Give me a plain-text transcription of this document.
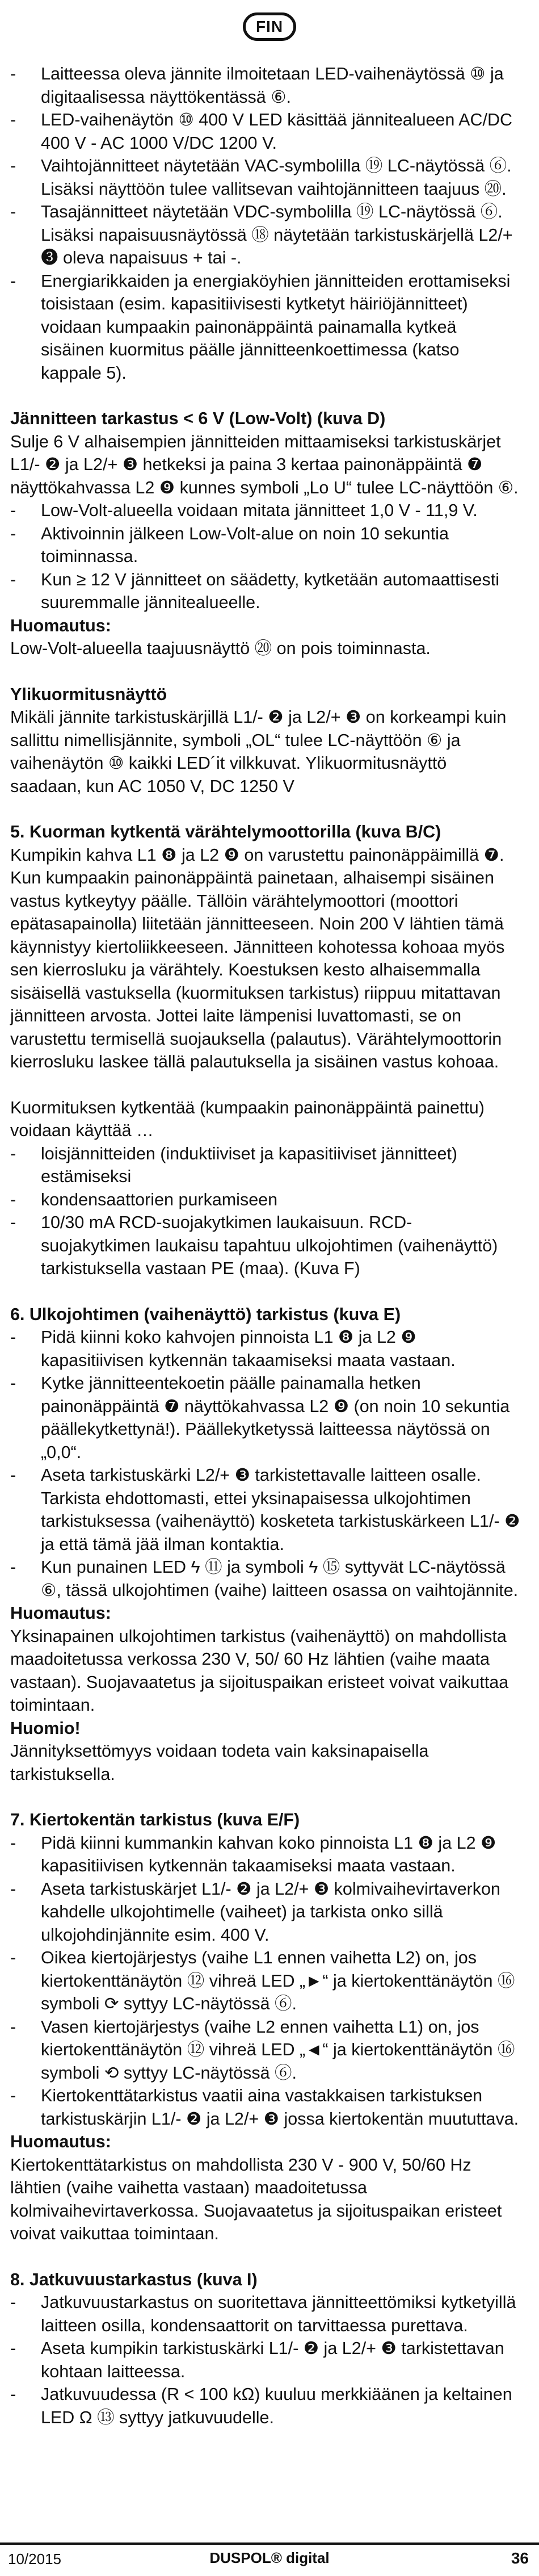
FIN
- Laitteessa oleva jännite ilmoitetaan LED-vaihenäytössä ⑩ ja digitaalisessa näyttökentässä ⑥.
- LED-vaihenäytön ⑩ 400 V LED käsittää jännitealueen AC/DC 400 V - AC 1000 V/DC 1200 V.
- Vaihtojännitteet näytetään VAC-symbolilla ⑲ LC-näytössä ⑥. Lisäksi näyttöön tulee vallitsevan vaihtojännitteen taajuus ⑳.
- Tasajännitteet näytetään VDC-symbolilla ⑲ LC-näytössä ⑥. Lisäksi napaisuusnäytössä ⑱ näytetään tarkistuskärjellä L2/+ ❸ oleva napaisuus + tai -.
- Energiarikkaiden ja energiaköyhien jännitteiden erottamiseksi toisistaan (esim. kapasitiivisesti kytketyt häiriöjännitteet) voidaan kumpaakin painonäppäintä painamalla kytkeä sisäinen kuormitus päälle jännitteenkoettimessa (katso kappale 5).
Jännitteen tarkastus < 6 V (Low-Volt) (kuva D)

Sulje 6 V alhaisempien jännitteiden mittaamiseksi tarkistuskärjet L1/- ❷ ja L2/+ ❸ hetkeksi ja paina 3 kertaa painonäppäintä ❼ näyttökahvassa L2 ❾ kunnes symboli „Lo U“ tulee LC-näyttöön ⑥.

- Low-Volt-alueella voidaan mitata jännitteet 1,0 V - 11,9 V.
- Aktivoinnin jälkeen Low-Volt-alue on noin 10 sekuntia toiminnassa.
- Kun ≥ 12 V jännitteet on säädetty, kytketään automaattisesti suuremmalle jännitealueelle.
Huomautus:

Low-Volt-alueella taajuusnäyttö ⑳ on pois toiminnasta.

Ylikuormitusnäyttö

Mikäli jännite tarkistuskärjillä L1/- ❷ ja L2/+ ❸ on korkeampi kuin sallittu nimellisjännite, symboli „OL“ tulee LC-näyttöön ⑥ ja vaihenäytön ⑩ kaikki LED´it vilkkuvat. Ylikuormitusnäyttö saadaan, kun AC 1050 V, DC 1250 V

5. Kuorman kytkentä värähtelymoottorilla (kuva B/C)

Kumpikin kahva L1 ❽ ja L2 ❾ on varustettu painonäppäimillä ❼. Kun kumpaakin painonäppäintä painetaan, alhaisempi sisäinen vastus kytkeytyy päälle. Tällöin värähtelymoottori (moottori epätasapainolla) liitetään jännitteeseen. Noin 200 V lähtien tämä käynnistyy kiertoliikkeeseen. Jännitteen kohotessa kohoaa myös sen kierrosluku ja värähtely. Koestuksen kesto alhaisemmalla sisäisellä vastuksella (kuormituksen tarkistus) riippuu mitattavan jännitteen arvosta. Jottei laite lämpenisi luvattomasti, se on varustettu termisellä suojauksella (palautus). Värähtelymoottorin kierrosluku laskee tällä palautuksella ja sisäinen vastus kohoaa.

Kuormituksen kytkentää (kumpaakin painonäppäintä painettu) voidaan käyttää …

- loisjännitteiden (induktiiviset ja kapasitiiviset jännitteet) estämiseksi
- kondensaattorien purkamiseen
- 10/30 mA RCD-suojakytkimen laukaisuun. RCD-suojakytkimen laukaisu tapahtuu ulkojohtimen (vaihenäyttö) tarkistuksella vastaan PE (maa). (Kuva F)
6. Ulkojohtimen (vaihenäyttö) tarkistus (kuva E)
- Pidä kiinni koko kahvojen pinnoista L1 ❽ ja L2 ❾ kapasitiivisen kytkennän takaamiseksi maata vastaan.
- Kytke jännitteentekoetin päälle painamalla hetken painonäppäintä ❼ näyttökahvassa L2 ❾ (on noin 10 sekuntia päällekytkettynä!). Päällekytketyssä laitteessa näytössä on „0,0“.
- Aseta tarkistuskärki L2/+ ❸ tarkistettavalle laitteen osalle. Tarkista ehdottomasti, ettei yksinapaisessa ulkojohtimen tarkistuksessa (vaihenäyttö) kosketeta tarkistuskärkeen L1/- ❷ ja että tämä jää ilman kontaktia.
- Kun punainen LED ϟ ⑪ ja symboli ϟ ⑮ syttyvät LC-näytössä ⑥, tässä ulkojohtimen (vaihe) laitteen osassa on vaihtojännite.
Huomautus:

Yksinapainen ulkojohtimen tarkistus (vaihenäyttö) on mahdollista maadoitetussa verkossa 230 V, 50/ 60 Hz lähtien (vaihe maata vastaan). Suojavaatetus ja sijoituspaikan eristeet voivat vaikuttaa toimintaan.

Huomio!

Jännityksettömyys voidaan todeta vain kaksinapaisella tarkistuksella.

7. Kiertokentän tarkistus (kuva E/F)
- Pidä kiinni kummankin kahvan koko pinnoista L1 ❽ ja L2 ❾ kapasitiivisen kytkennän takaamiseksi maata vastaan.
- Aseta tarkistuskärjet L1/- ❷ ja L2/+ ❸ kolmivaihevirtaverkon kahdelle ulkojohtimelle (vaiheet) ja tarkista onko sillä ulkojohdinjännite esim. 400 V.
- Oikea kiertojärjestys (vaihe L1 ennen vaihetta L2) on, jos kiertokenttänäytön ⑫ vihreä LED „►“ ja kiertokenttänäytön ⑯ symboli ⟳ syttyy LC-näytössä ⑥.
- Vasen kiertojärjestys (vaihe L2 ennen vaihetta L1) on, jos kiertokenttänäytön ⑫ vihreä LED „◄“ ja kiertokenttänäytön ⑯ symboli ⟲ syttyy LC-näytössä ⑥.
- Kiertokenttätarkistus vaatii aina vastakkaisen tarkistuksen tarkistuskärjin L1/- ❷ ja L2/+ ❸ jossa kiertokentän muututtava.
Huomautus:

Kiertokenttätarkistus on mahdollista 230 V - 900 V, 50/60 Hz lähtien (vaihe vaihetta vastaan) maadoitetussa kolmivaihevirtaverkossa. Suojavaatetus ja sijoituspaikan eristeet voivat vaikuttaa toimintaan.

8. Jatkuvuustarkastus (kuva I)
- Jatkuvuustarkastus on suoritettava jännitteettömiksi kytketyillä laitteen osilla, kondensaattorit on tarvittaessa purettava.
- Aseta kumpikin tarkistuskärki L1/- ❷ ja L2/+ ❸ tarkistettavan kohtaan laitteessa.
- Jatkuvuudessa (R < 100 kΩ) kuuluu merkkiäänen ja keltainen LED Ω ⑬ syttyy jatkuvuudelle.
10/2015	DUSPOL® digital	36
